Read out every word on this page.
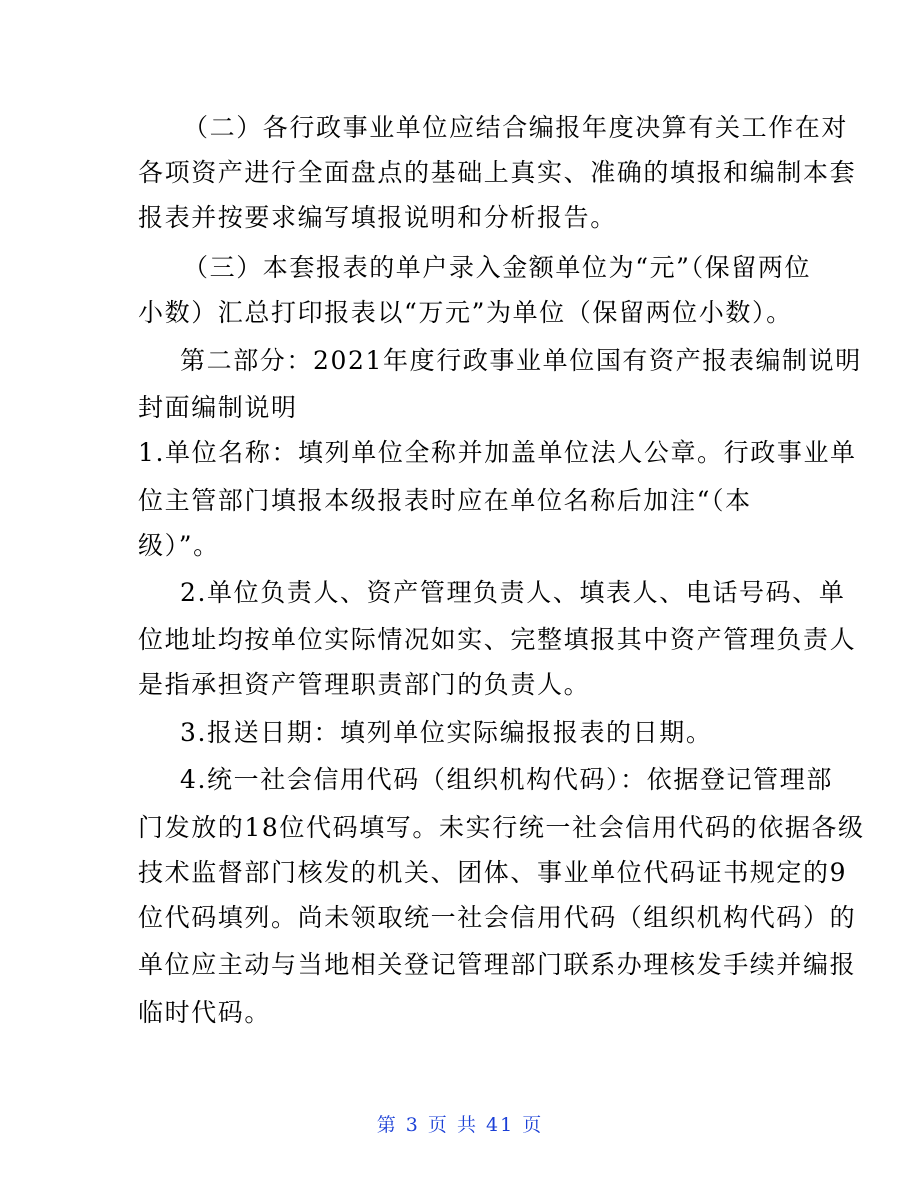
（二）各行政事业单位应结合编报年度决算有关工作在对
各项资产进行全面盘点的基础上真实、准确的填报和编制本套
报表并按要求编写填报说明和分析报告。
（三）本套报表的单户录入金额单位为“元”（保留两位
小数）汇总打印报表以“万元”为单位（保留两位小数）。
第二部分：2021年度行政事业单位国有资产报表编制说明
封面编制说明
1.单位名称：填列单位全称并加盖单位法人公章。行政事业单
位主管部门填报本级报表时应在单位名称后加注“（本
级）”。
2.单位负责人、资产管理负责人、填表人、电话号码、单
位地址均按单位实际情况如实、完整填报其中资产管理负责人
是指承担资产管理职责部门的负责人。
3.报送日期：填列单位实际编报报表的日期。
4.统一社会信用代码（组织机构代码）：依据登记管理部
门发放的18位代码填写。未实行统一社会信用代码的依据各级
技术监督部门核发的机关、团体、事业单位代码证书规定的9
位代码填列。尚未领取统一社会信用代码（组织机构代码）的
单位应主动与当地相关登记管理部门联系办理核发手续并编报
临时代码。
第 3 页 共 41 页
